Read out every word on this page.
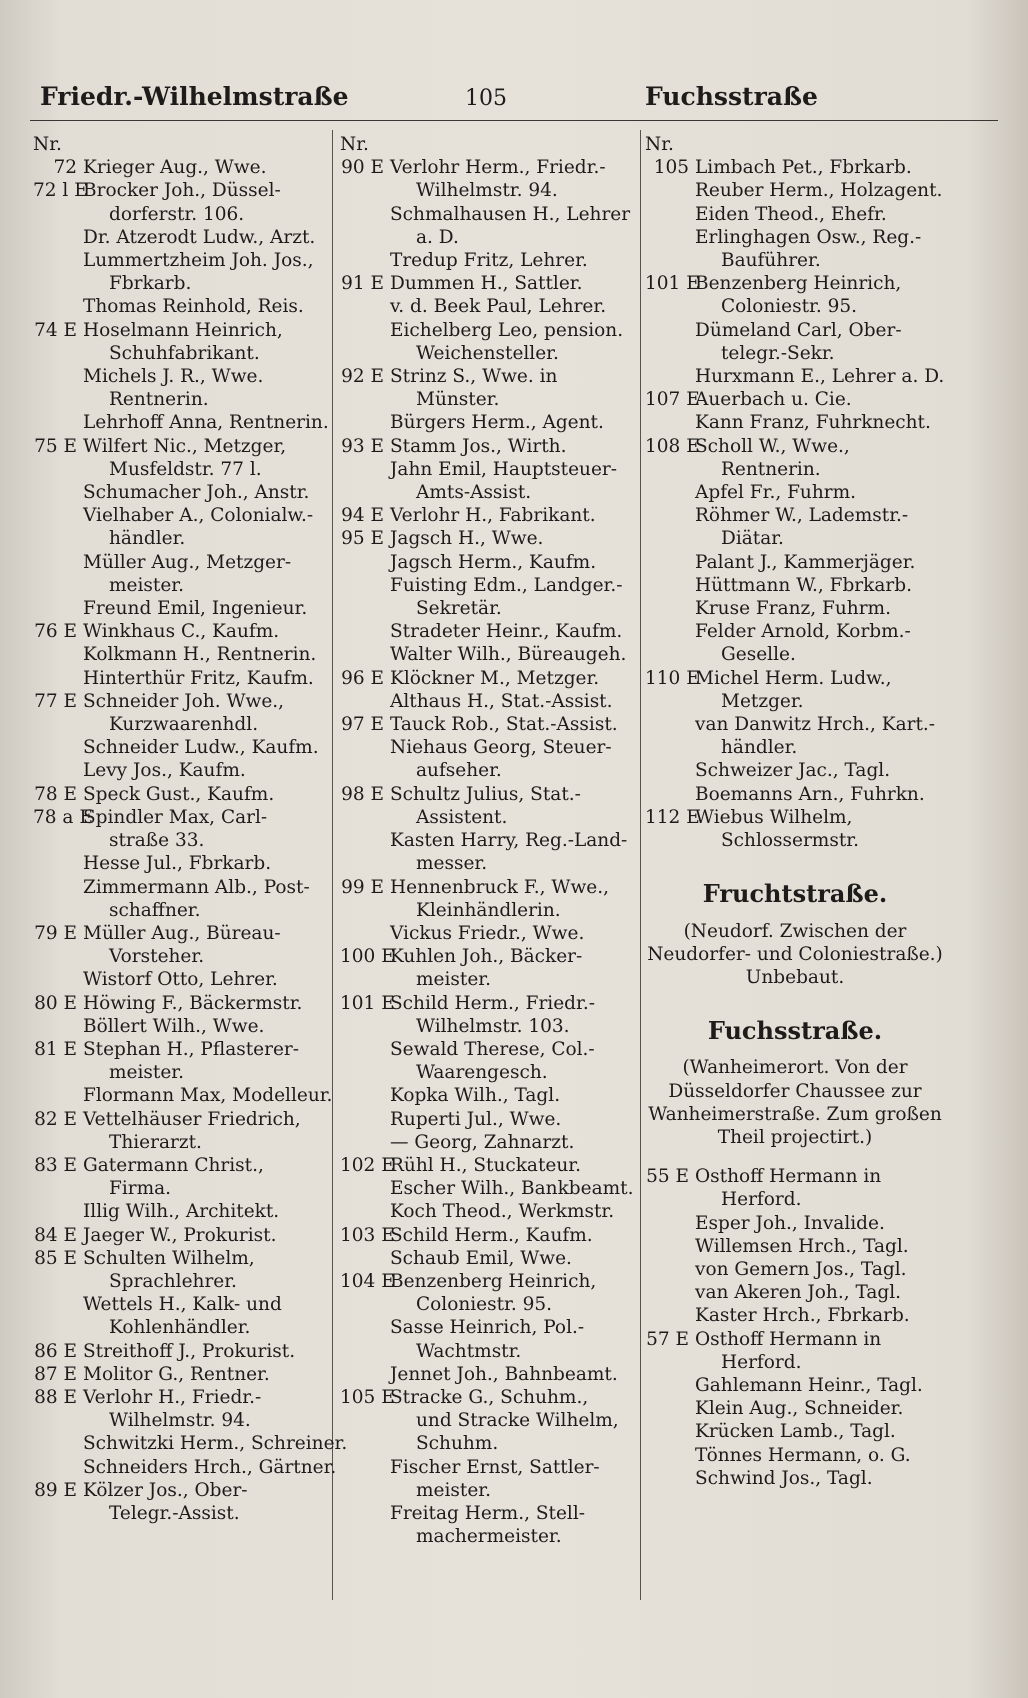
Friedr.-Wilhelmstraße	105	Fuchsstraße
Nr.
72 Krieger Aug., Wwe.
72 l EBrocker Joh., Düssel-
dorferstr. 106.
Dr. Atzerodt Ludw., Arzt.
Lummertzheim Joh. Jos.,
Fbrkarb.
Thomas Reinhold, Reis.
74 E Hoselmann Heinrich,
Schuhfabrikant.
Michels J. R., Wwe.
Rentnerin.
Lehrhoff Anna, Rentnerin.
75 E Wilfert Nic., Metzger,
Musfeldstr. 77 l.
Schumacher Joh., Anstr.
Vielhaber A., Colonialw.-
händler.
Müller Aug., Metzger-
meister.
Freund Emil, Ingenieur.
76 E Winkhaus C., Kaufm.
Kolkmann H., Rentnerin.
Hinterthür Fritz, Kaufm.
77 E Schneider Joh. Wwe.,
Kurzwaarenhdl.
Schneider Ludw., Kaufm.
Levy Jos., Kaufm.
78 E Speck Gust., Kaufm.
78 a ESpindler Max, Carl-
straße 33.
Hesse Jul., Fbrkarb.
Zimmermann Alb., Post-
schaffner.
79 E Müller Aug., Büreau-
Vorsteher.
Wistorf Otto, Lehrer.
80 E Höwing F., Bäckermstr.
Böllert Wilh., Wwe.
81 E Stephan H., Pflasterer-
meister.
Flormann Max, Modelleur.
82 E Vettelhäuser Friedrich,
Thierarzt.
83 E Gatermann Christ.,
Firma.
Illig Wilh., Architekt.
84 E Jaeger W., Prokurist.
85 E Schulten Wilhelm,
Sprachlehrer.
Wettels H., Kalk- und
Kohlenhändler.
86 E Streithoff J., Prokurist.
87 E Molitor G., Rentner.
88 E Verlohr H., Friedr.-
Wilhelmstr. 94.
Schwitzki Herm., Schreiner.
Schneiders Hrch., Gärtner.
89 E Kölzer Jos., Ober-
Telegr.-Assist.
Nr.
90 E Verlohr Herm., Friedr.-
Wilhelmstr. 94.
Schmalhausen H., Lehrer
a. D.
Tredup Fritz, Lehrer.
91 E Dummen H., Sattler.
v. d. Beek Paul, Lehrer.
Eichelberg Leo, pension.
Weichensteller.
92 E Strinz S., Wwe. in
Münster.
Bürgers Herm., Agent.
93 E Stamm Jos., Wirth.
Jahn Emil, Hauptsteuer-
Amts-Assist.
94 E Verlohr H., Fabrikant.
95 E Jagsch H., Wwe.
Jagsch Herm., Kaufm.
Fuisting Edm., Landger.-
Sekretär.
Stradeter Heinr., Kaufm.
Walter Wilh., Büreaugeh.
96 E Klöckner M., Metzger.
Althaus H., Stat.-Assist.
97 E Tauck Rob., Stat.-Assist.
Niehaus Georg, Steuer-
aufseher.
98 E Schultz Julius, Stat.-
Assistent.
Kasten Harry, Reg.-Land-
messer.
99 E Hennenbruck F., Wwe.,
Kleinhändlerin.
Vickus Friedr., Wwe.
100 EKuhlen Joh., Bäcker-
meister.
101 ESchild Herm., Friedr.-
Wilhelmstr. 103.
Sewald Therese, Col.-
Waarengesch.
Kopka Wilh., Tagl.
Ruperti Jul., Wwe.
— Georg, Zahnarzt.
102 ERühl H., Stuckateur.
Escher Wilh., Bankbeamt.
Koch Theod., Werkmstr.
103 ESchild Herm., Kaufm.
Schaub Emil, Wwe.
104 EBenzenberg Heinrich,
Coloniestr. 95.
Sasse Heinrich, Pol.-
Wachtmstr.
Jennet Joh., Bahnbeamt.
105 EStracke G., Schuhm.,
und Stracke Wilhelm,
Schuhm.
Fischer Ernst, Sattler-
meister.
Freitag Herm., Stell-
machermeister.
Nr.
105 Limbach Pet., Fbrkarb.
Reuber Herm., Holzagent.
Eiden Theod., Ehefr.
Erlinghagen Osw., Reg.-
Bauführer.
101 EBenzenberg Heinrich,
Coloniestr. 95.
Dümeland Carl, Ober-
telegr.-Sekr.
Hurxmann E., Lehrer a. D.
107 EAuerbach u. Cie.
Kann Franz, Fuhrknecht.
108 EScholl W., Wwe.,
Rentnerin.
Apfel Fr., Fuhrm.
Röhmer W., Lademstr.-
Diätar.
Palant J., Kammerjäger.
Hüttmann W., Fbrkarb.
Kruse Franz, Fuhrm.
Felder Arnold, Korbm.-
Geselle.
110 EMichel Herm. Ludw.,
Metzger.
van Danwitz Hrch., Kart.-
händler.
Schweizer Jac., Tagl.
Boemanns Arn., Fuhrkn.
112 EWiebus Wilhelm,
Schlossermstr.
Fruchtstraße.
(Neudorf. Zwischen der Neudorfer- und Coloniestraße.) Unbebaut.
Fuchsstraße.
(Wanheimerort. Von der Düsseldorfer Chaussee zur Wanheimerstraße. Zum großen Theil projectirt.)
55 E Osthoff Hermann in
Herford.
Esper Joh., Invalide.
Willemsen Hrch., Tagl.
von Gemern Jos., Tagl.
van Akeren Joh., Tagl.
Kaster Hrch., Fbrkarb.
57 E Osthoff Hermann in
Herford.
Gahlemann Heinr., Tagl.
Klein Aug., Schneider.
Krücken Lamb., Tagl.
Tönnes Hermann, o. G.
Schwind Jos., Tagl.
